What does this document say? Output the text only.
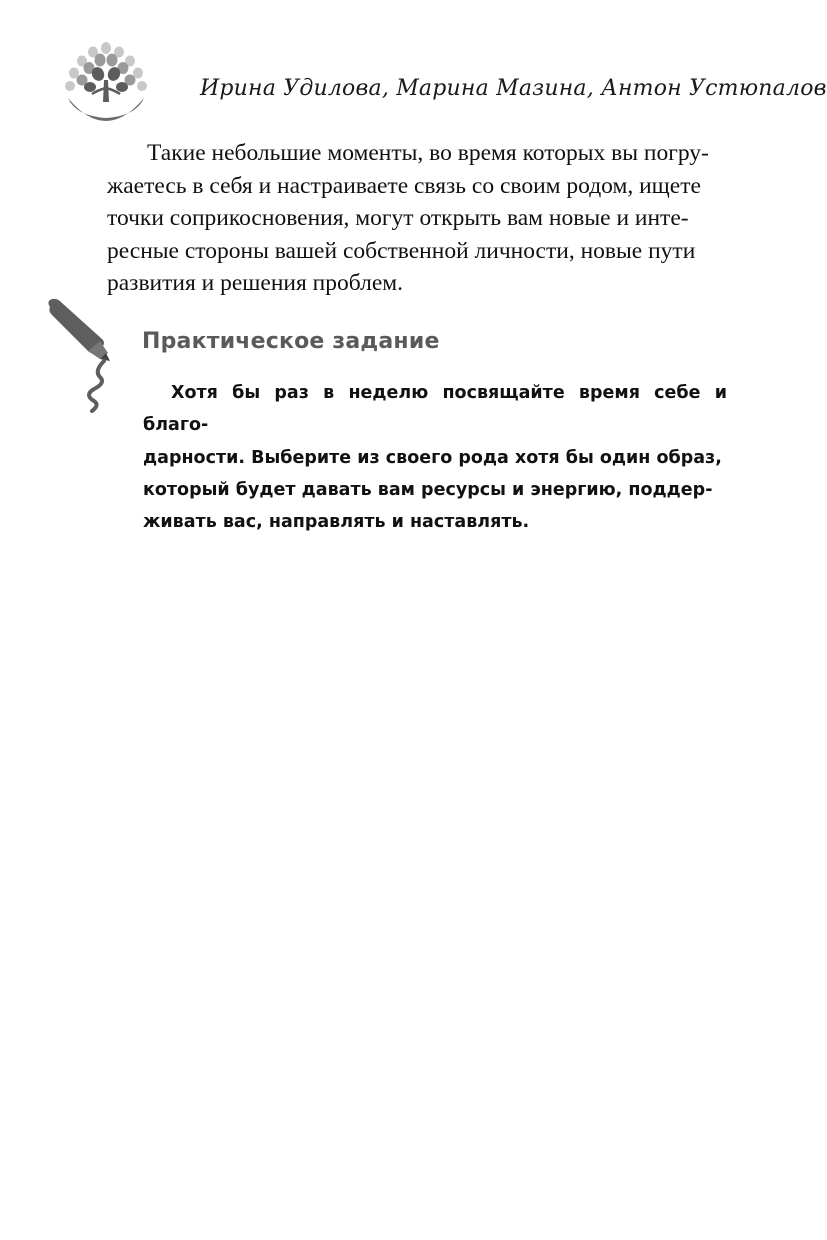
Ирина Удилова, Марина Мазина, Антон Устюпалов

Такие небольшие моменты, во время которых вы погру-
жаетесь в себя и настраиваете связь со своим родом, ищете
точки соприкосновения, могут открыть вам новые и инте-
ресные стороны вашей собственной личности, новые пути
развития и решения проблем.

Практическое задание

Хотя бы раз в неделю посвящайте время себе и благо-
дарности. Выберите из своего рода хотя бы один образ,
который будет давать вам ресурсы и энергию, поддер-
живать вас, направлять и наставлять.
